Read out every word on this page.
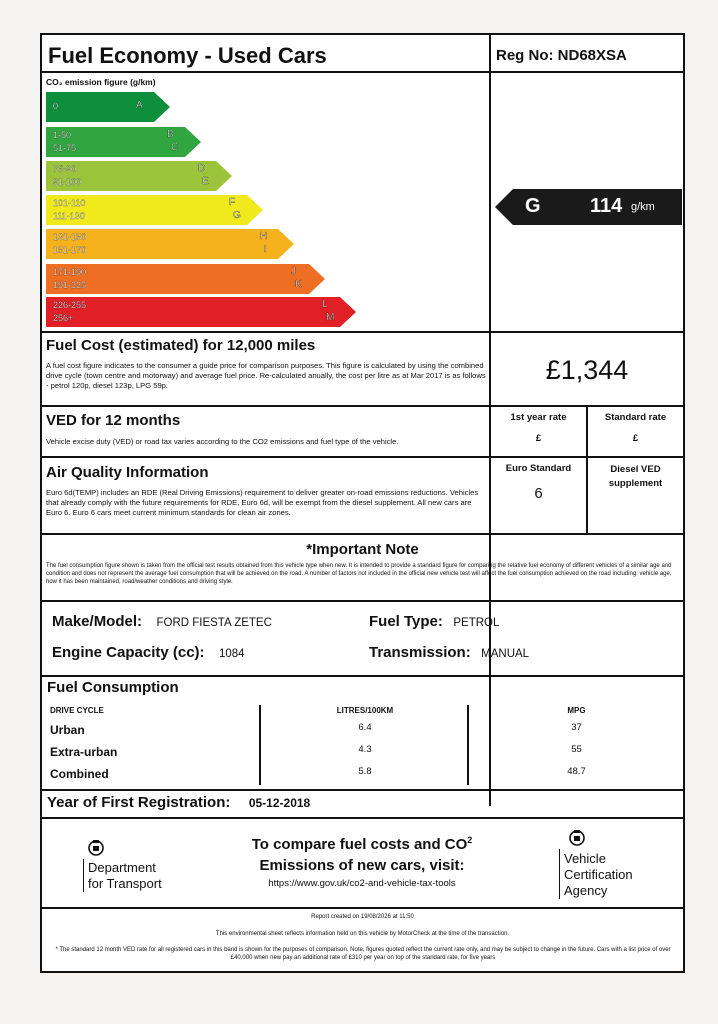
Fuel Economy - Used Cars	Reg No: ND68XSA
CO₂ emission figure (g/km)
0	A
1-50
51-75
B
C
76-90
91-100
D
E
101-110
111-130
F
G
131-150
151-170
H
I
171-190
191-225
J
K
226-255
256+
L
M
G 114 g/km
Fuel Cost (estimated) for 12,000 miles
A fuel cost figure indicates to the consumer a guide price for comparison purposes. This figure is calculated by using the combined drive cycle (town centre and motorway) and average fuel price. Re-calculated anually, the cost per litre as at Mar 2017 is as follows - petrol 120p, diesel 123p, LPG 59p.
£1,344
VED for 12 months
Vehicle excise duty (VED) or road tax varies according to the CO2 emissions and fuel type of the vehicle.
1st year rate
£
Standard rate
£
Air Quality Information
Euro 6d(TEMP) includes an RDE (Real Driving Emissions) requirement to deliver greater on-road emissions reductions. Vehicles that already comply with the future requirements for RDE, Euro 6d, will be exempt from the diesel supplement. All new cars are Euro 6. Euro 6 cars meet current minimum standards for clean air zones.
Euro Standard
6
Diesel VED supplement
*Important Note
The fuel consumption figure shown is taken from the official test results obtained from this vehicle type when new. It is intended to provide a standard figure for comparing the relative fuel economy of different vehicles of a similar age and condition and does not represent the average fuel consumption that will be achieved on the road. A number of factors not included in the official new vehicle test will affect the fuel consumption achieved on the road including: vehicle age, how it has been maintained, road/weather conditions and driving style.
Make/Model: FORD FIESTA ZETEC	Fuel Type: PETROL
Engine Capacity (cc): 1084	Transmission: MANUAL
Fuel Consumption
DRIVE CYCLE	LITRES/100KM	MPG
Urban	6.4	37
Extra-urban	4.3	55
Combined	5.8	48.7
Year of First Registration: 05-12-2018
Department
for Transport
To compare fuel costs and $CO^2$
Emissions of new cars, visit:
https://www.gov.uk/co2-and-vehicle-tax-tools
Vehicle
Certification
Agency
Report created on 19/08/2026 at 11:50
This environmental sheet reflects information held on this vehicle by MotorCheck at the time of the transaction.
* The standard 12 month VED rate for all registered cars in this band is shown for the purposes of comparison. Note, figures quoted reflect the current rate only, and may be subject to change in the future. Cars with a list price of over £40,000 when new pay an additional rate of £310 per year on top of the standard rate, for five years
